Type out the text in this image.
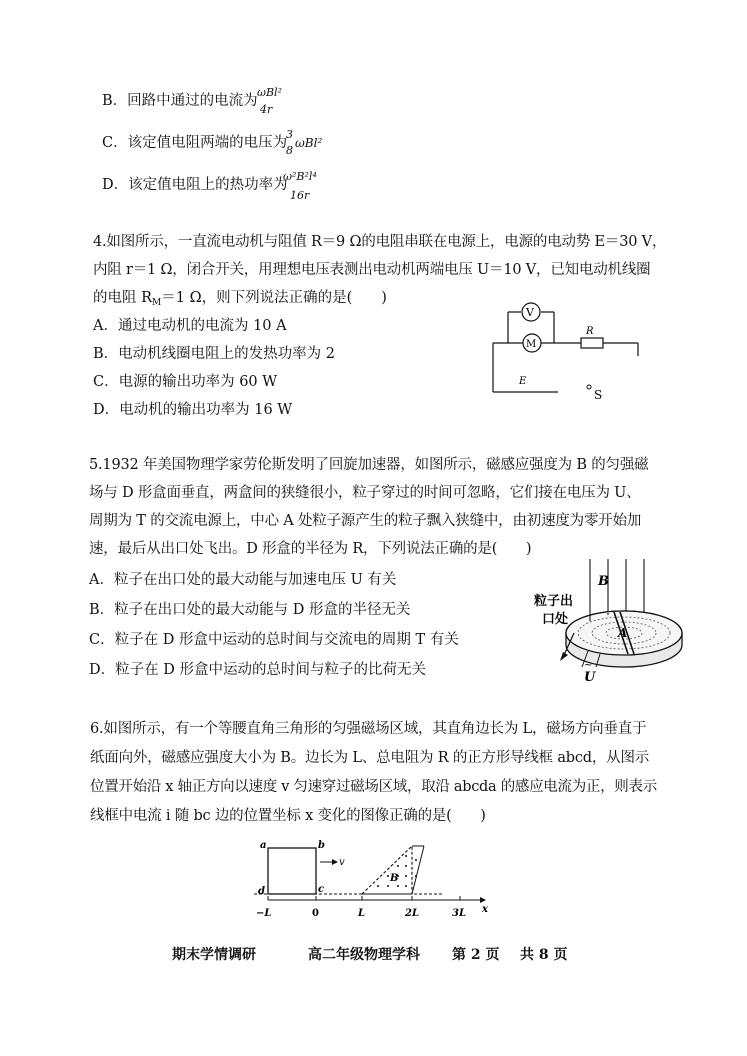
B．回路中通过的电流为
ωBl²
4r
C．该定值电阻两端的电压为
3
8
ωBl²
D．该定值电阻上的热功率为
ω²B²l⁴
16r
4.如图所示，一直流电动机与阻值 R＝9 Ω的电阻串联在电源上，电源的电动势 E＝30 V，
内阻 r＝1 Ω，闭合开关，用理想电压表测出电动机两端电压 U＝10 V，已知电动机线圈
的电阻 $R_M=1$ Ω，则下列说法正确的是(　　)
A．通过电动机的电流为 10 A
B．电动机线圈电阻上的发热功率为 2
C．电源的输出功率为 60 W
D．电动机的输出功率为 16 W
V
M
R
E
S
5.1932 年美国物理学家劳伦斯发明了回旋加速器，如图所示，磁感应强度为 B 的匀强磁
场与 D 形盒面垂直，两盒间的狭缝很小，粒子穿过的时间可忽略，它们接在电压为 U、
周期为 T 的交流电源上，中心 A 处粒子源产生的粒子飘入狭缝中，由初速度为零开始加
速，最后从出口处飞出。D 形盒的半径为 R，下列说法正确的是(　　)
A．粒子在出口处的最大动能与加速电压 U 有关
B．粒子在出口处的最大动能与 D 形盒的半径无关
C．粒子在 D 形盒中运动的总时间与交流电的周期 T 有关
D．粒子在 D 形盒中运动的总时间与粒子的比荷无关
粒子出
口处
B
A
U
~
6.如图所示，有一个等腰直角三角形的匀强磁场区域，其直角边长为 L，磁场方向垂直于
纸面向外，磁感应强度大小为 B。边长为 L、总电阻为 R 的正方形导线框 abcd，从图示
位置开始沿 x 轴正方向以速度 v 匀速穿过磁场区域，取沿 abcda 的感应电流为正，则表示
线框中电流 i 随 bc 边的位置坐标 x 变化的图像正确的是(　　)
a	b
d	c
v
B
−L	0	L	2L	3L x
期末学情调研	高二年级物理学科 第 2 页 共 8 页
